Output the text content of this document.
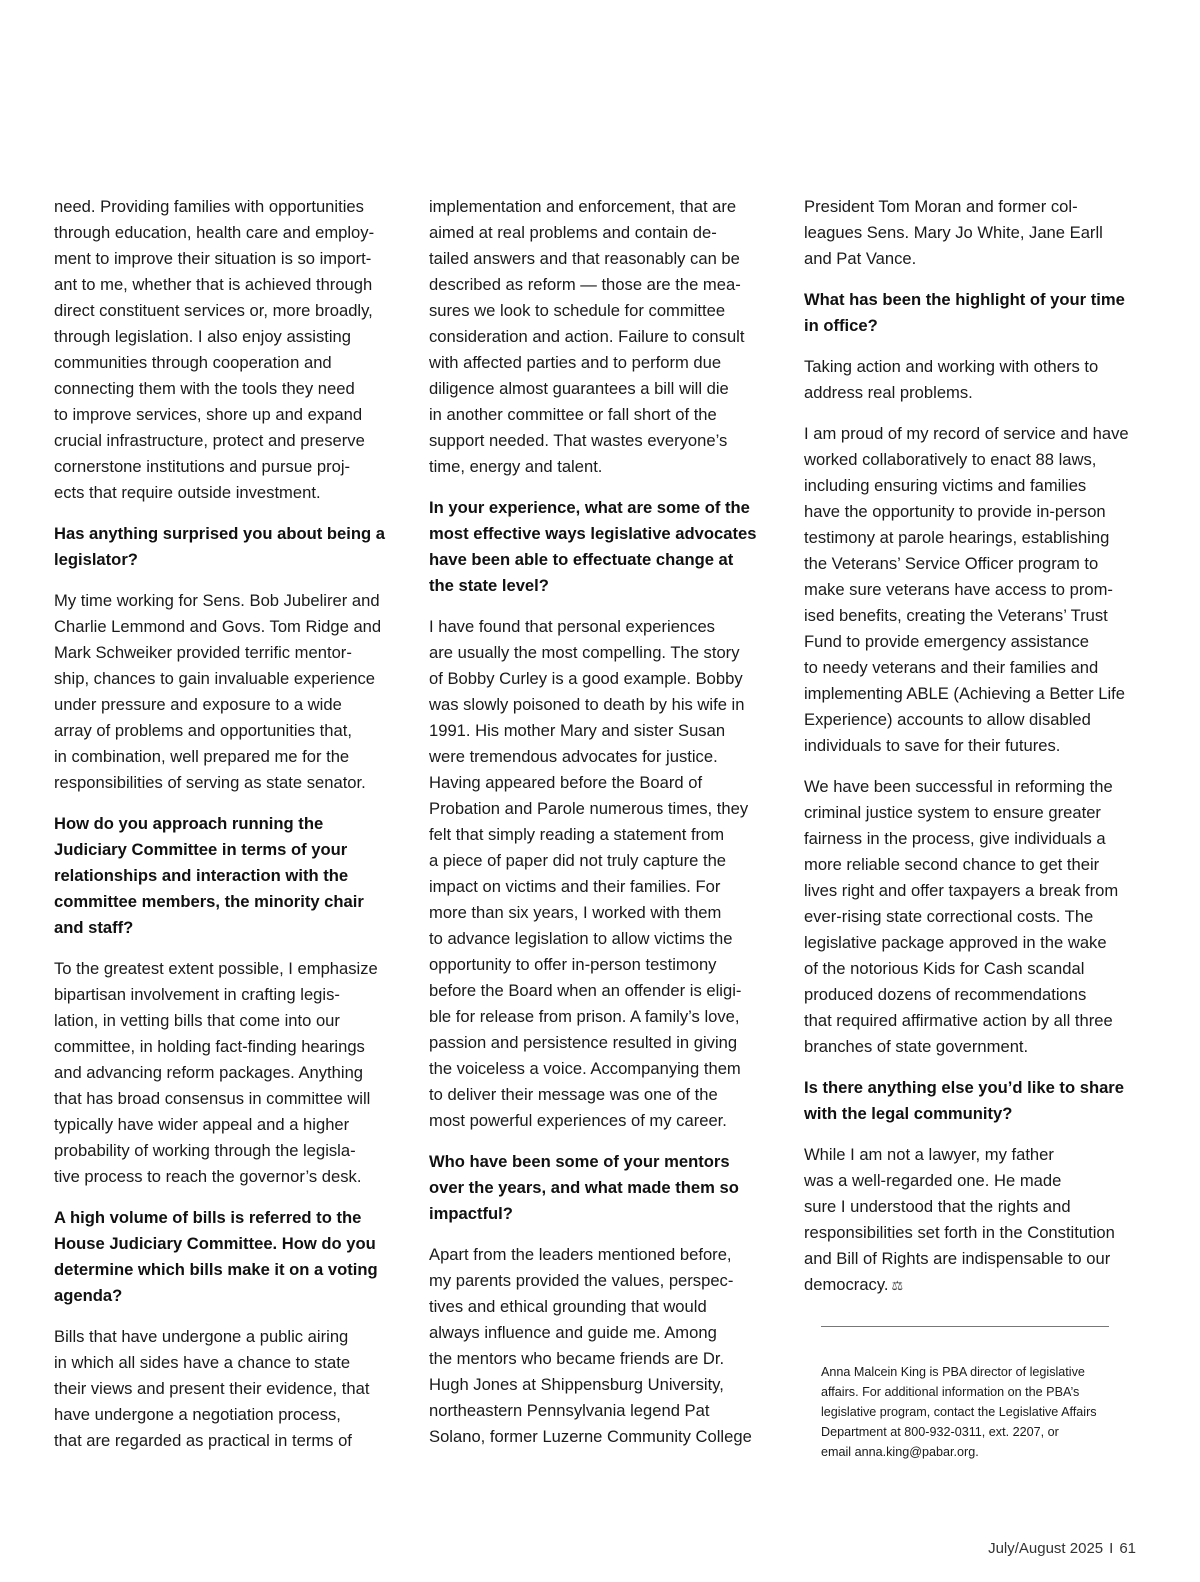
need. Providing families with opportunities
through education, health care and employ-
ment to improve their situation is so import-
ant to me, whether that is achieved through
direct constituent services or, more broadly,
through legislation. I also enjoy assisting
communities through cooperation and
connecting them with the tools they need
to improve services, shore up and expand
crucial infrastructure, protect and preserve
cornerstone institutions and pursue proj-
ects that require outside investment.

Has anything surprised you about being a
legislator?

My time working for Sens. Bob Jubelirer and
Charlie Lemmond and Govs. Tom Ridge and
Mark Schweiker provided terrific mentor-
ship, chances to gain invaluable experience
under pressure and exposure to a wide
array of problems and opportunities that,
in combination, well prepared me for the
responsibilities of serving as state senator.

How do you approach running the
Judiciary Committee in terms of your
relationships and interaction with the
committee members, the minority chair
and staff?

To the greatest extent possible, I emphasize
bipartisan involvement in crafting legis-
lation, in vetting bills that come into our
committee, in holding fact-finding hearings
and advancing reform packages. Anything
that has broad consensus in committee will
typically have wider appeal and a higher
probability of working through the legisla-
tive process to reach the governor’s desk.

A high volume of bills is referred to the
House Judiciary Committee. How do you
determine which bills make it on a voting
agenda?

Bills that have undergone a public airing
in which all sides have a chance to state
their views and present their evidence, that
have undergone a negotiation process,
that are regarded as practical in terms of

implementation and enforcement, that are
aimed at real problems and contain de-
tailed answers and that reasonably can be
described as reform — those are the mea-
sures we look to schedule for committee
consideration and action. Failure to consult
with affected parties and to perform due
diligence almost guarantees a bill will die
in another committee or fall short of the
support needed. That wastes everyone’s
time, energy and talent.

In your experience, what are some of the
most effective ways legislative advocates
have been able to effectuate change at
the state level?

I have found that personal experiences
are usually the most compelling. The story
of Bobby Curley is a good example. Bobby
was slowly poisoned to death by his wife in
1991. His mother Mary and sister Susan
were tremendous advocates for justice.
Having appeared before the Board of
Probation and Parole numerous times, they
felt that simply reading a statement from
a piece of paper did not truly capture the
impact on victims and their families. For
more than six years, I worked with them
to advance legislation to allow victims the
opportunity to offer in-person testimony
before the Board when an offender is eligi-
ble for release from prison. A family’s love,
passion and persistence resulted in giving
the voiceless a voice. Accompanying them
to deliver their message was one of the
most powerful experiences of my career.

Who have been some of your mentors
over the years, and what made them so
impactful?

Apart from the leaders mentioned before,
my parents provided the values, perspec-
tives and ethical grounding that would
always influence and guide me. Among
the mentors who became friends are Dr.
Hugh Jones at Shippensburg University,
northeastern Pennsylvania legend Pat
Solano, former Luzerne Community College

President Tom Moran and former col-
leagues Sens. Mary Jo White, Jane Earll
and Pat Vance.

What has been the highlight of your time
in office?

Taking action and working with others to
address real problems.

I am proud of my record of service and have
worked collaboratively to enact 88 laws,
including ensuring victims and families
have the opportunity to provide in-person
testimony at parole hearings, establishing
the Veterans’ Service Officer program to
make sure veterans have access to prom-
ised benefits, creating the Veterans’ Trust
Fund to provide emergency assistance
to needy veterans and their families and
implementing ABLE (Achieving a Better Life
Experience) accounts to allow disabled
individuals to save for their futures.

We have been successful in reforming the
criminal justice system to ensure greater
fairness in the process, give individuals a
more reliable second chance to get their
lives right and offer taxpayers a break from
ever-rising state correctional costs. The
legislative package approved in the wake
of the notorious Kids for Cash scandal
produced dozens of recommendations
that required affirmative action by all three
branches of state government.

Is there anything else you’d like to share
with the legal community?

While I am not a lawyer, my father
was a well-regarded one. He made
sure I understood that the rights and
responsibilities set forth in the Constitution
and Bill of Rights are indispensable to our
democracy. ⚖

Anna Malcein King is PBA director of legislative
affairs. For additional information on the PBA’s
legislative program, contact the Legislative Affairs
Department at 800-932-0311, ext. 2207, or
email anna.king@pabar.org.
July/August 2025 I 61
